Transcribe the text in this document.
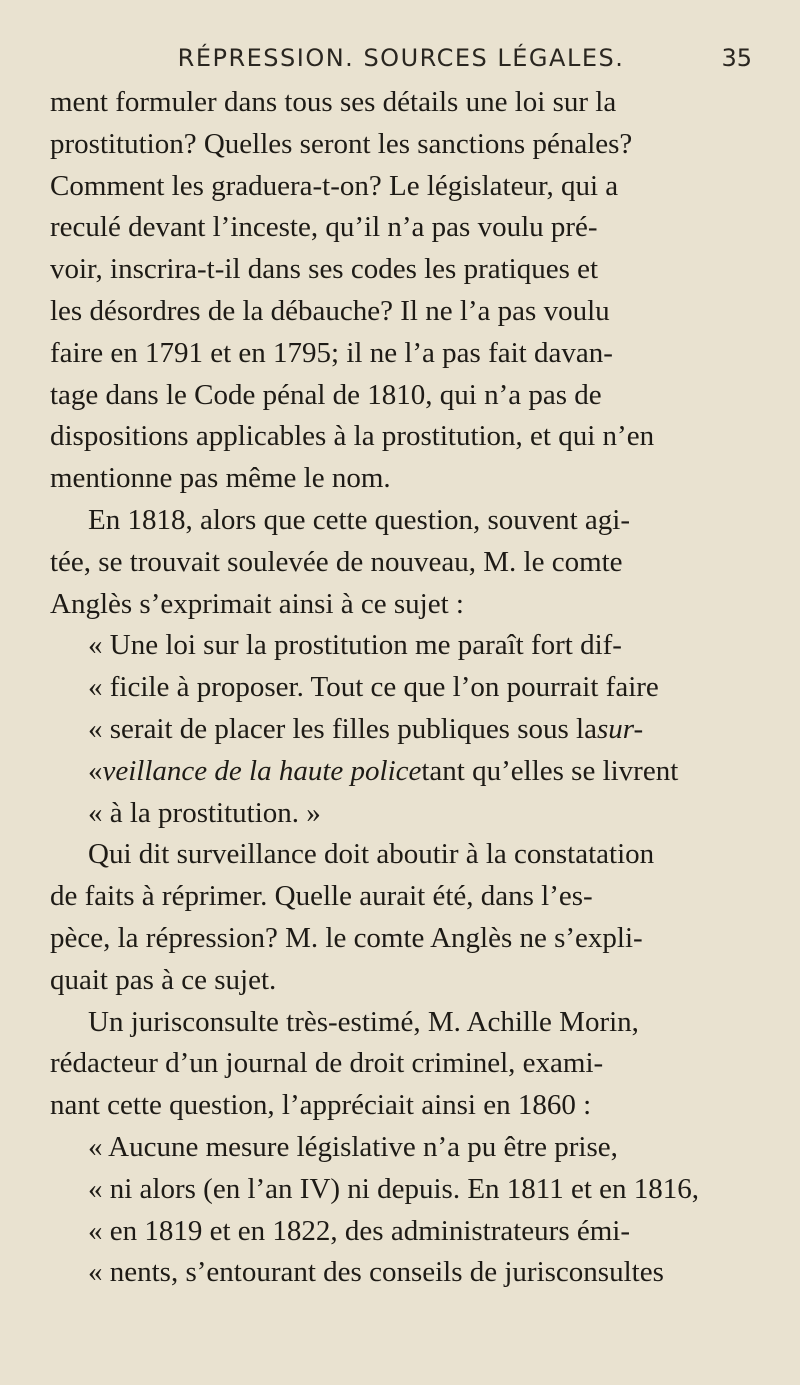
RÉPRESSION. SOURCES LÉGALES.	35
ment formuler dans tous ses détails une loi sur la
prostitution? Quelles seront les sanctions pénales?
Comment les graduera-t-on? Le législateur, qui a
reculé devant l’inceste, qu’il n’a pas voulu pré-
voir, inscrira-t-il dans ses codes les pratiques et
les désordres de la débauche? Il ne l’a pas voulu
faire en 1791 et en 1795; il ne l’a pas fait davan-
tage dans le Code pénal de 1810, qui n’a pas de
dispositions applicables à la prostitution, et qui n’en
mentionne pas même le nom.
En 1818, alors que cette question, souvent agi-
tée, se trouvait soulevée de nouveau, M. le comte
Anglès s’exprimait ainsi à ce sujet :
« Une loi sur la prostitution me paraît fort dif-
« ficile à proposer. Tout ce que l’on pourrait faire
« serait de placer les filles publiques sous lasur-
«veillance de la haute policetant qu’elles se livrent
« à la prostitution. »
Qui dit surveillance doit aboutir à la constatation
de faits à réprimer. Quelle aurait été, dans l’es-
pèce, la répression? M. le comte Anglès ne s’expli-
quait pas à ce sujet.
Un jurisconsulte très-estimé, M. Achille Morin,
rédacteur d’un journal de droit criminel, exami-
nant cette question, l’appréciait ainsi en 1860 :
« Aucune mesure législative n’a pu être prise,
« ni alors (en l’an IV) ni depuis. En 1811 et en 1816,
« en 1819 et en 1822, des administrateurs émi-
« nents, s’entourant des conseils de jurisconsultes
